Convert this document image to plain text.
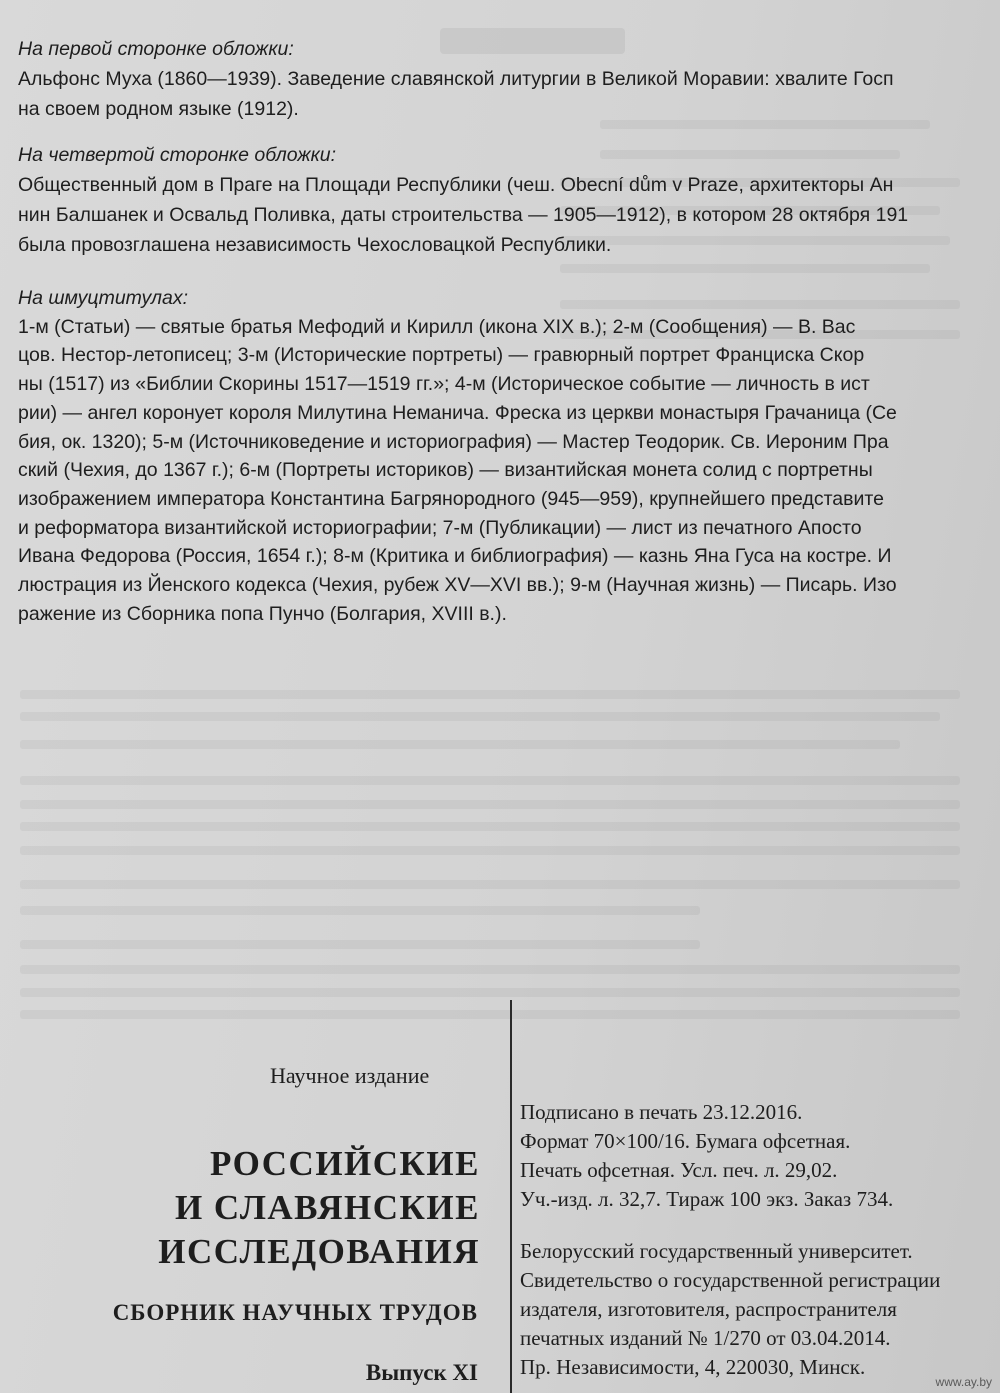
На первой сторонке обложки:
Альфонс Муха (1860—1939). Заведение славянской литургии в Великой Моравии: хвалите Госп
на своем родном языке (1912).
На четвертой сторонке обложки:
Общественный дом в Праге на Площади Республики (чеш. Obecní dům v Praze, архитекторы Ан
нин Балшанек и Освальд Поливка, даты строительства — 1905—1912), в котором 28 октября 191
была провозглашена независимость Чехословацкой Республики.
На шмуцтитулах:
1-м (Статьи) — святые братья Мефодий и Кирилл (икона XIX в.); 2-м (Сообщения) — В. Вас
цов. Нестор-летописец; 3-м (Исторические портреты) — гравюрный портрет Франциска Скор
ны (1517) из «Библии Скорины 1517—1519 гг.»; 4-м (Историческое событие — личность в ист
рии) — ангел коронует короля Милутина Неманича. Фреска из церкви монастыря Грачаница (Се
бия, ок. 1320); 5-м (Источниковедение и историография) — Мастер Теодорик. Св. Иероним Пра
ский (Чехия, до 1367 г.); 6-м (Портреты историков) — византийская монета солид с портретны
изображением императора Константина Багрянородного (945—959), крупнейшего представите
и реформатора византийской историографии; 7-м (Публикации) — лист из печатного Апосто
Ивана Федорова (Россия, 1654 г.); 8-м (Критика и библиография) — казнь Яна Гуса на костре. И
люстрация из Йенского кодекса (Чехия, рубеж XV—XVI вв.); 9-м (Научная жизнь) — Писарь. Изо
ражение из Сборника попа Пунчо (Болгария, XVIII в.).
Научное издание
РОССИЙСКИЕ
И СЛАВЯНСКИЕ
ИССЛЕДОВАНИЯ
СБОРНИК НАУЧНЫХ ТРУДОВ
Выпуск XI
Подписано в печать 23.12.2016.
Формат 70×100/16. Бумага офсетная.
Печать офсетная. Усл. печ. л. 29,02.
Уч.-изд. л. 32,7. Тираж 100 экз. Заказ 734.
Белорусский государственный университет.
Свидетельство о государственной регистрации
издателя, изготовителя, распространителя
печатных изданий № 1/270 от 03.04.2014.
Пр. Независимости, 4, 220030, Минск.
www.ay.by
